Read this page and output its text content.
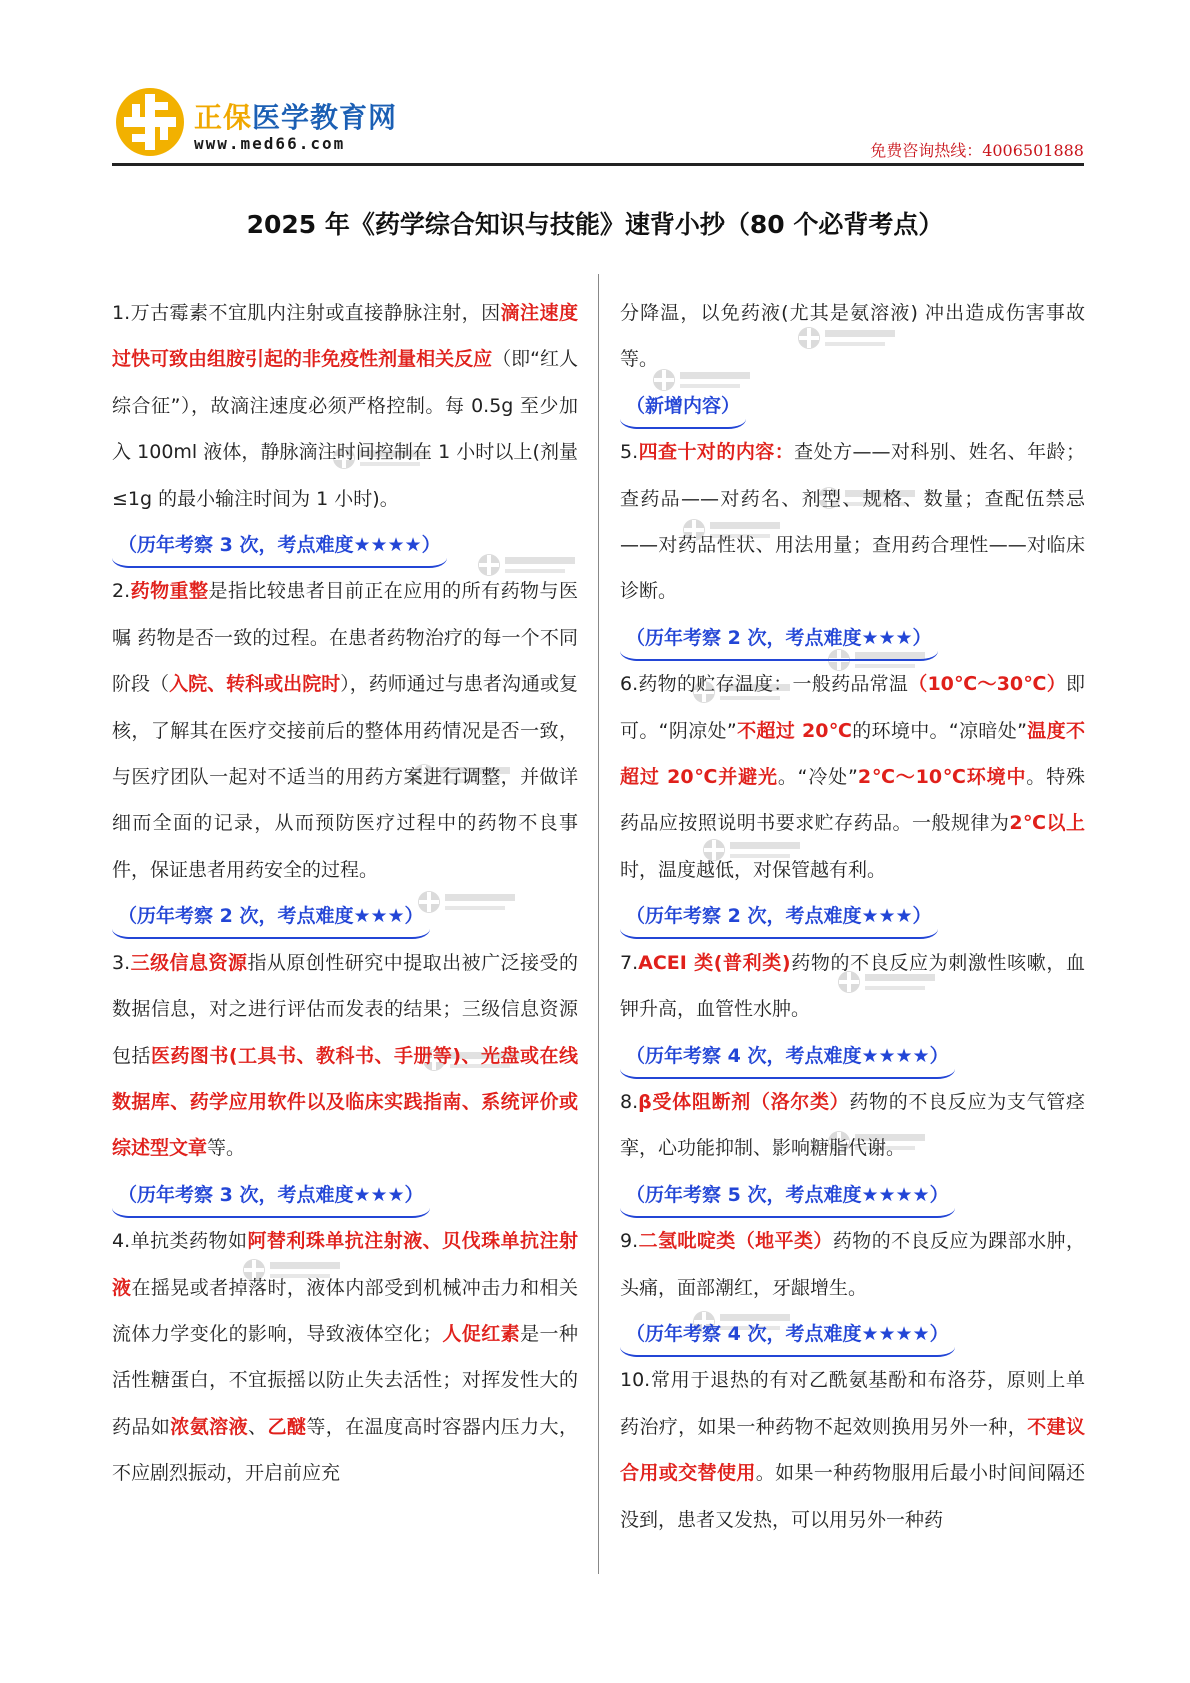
正保医学教育网
www.med66.com	免费咨询热线：4006501888
2025 年《药学综合知识与技能》速背小抄（80 个必背考点）

1.万古霉素不宜肌内注射或直接静脉注射，因滴注速度过快可致由组胺引起的非免疫性剂量相关反应（即“红人综合征”），故滴注速度必须严格控制。每 0.5g 至少加入 100ml 液体，静脉滴注时间控制在 1 小时以上(剂量≤1g 的最小输注时间为 1 小时)。

（历年考察 3 次，考点难度★★★★）

2.药物重整是指比较患者目前正在应用的所有药物与医嘱 药物是否一致的过程。在患者药物治疗的每一个不同阶段（入院、转科或出院时），药师通过与患者沟通或复核，了解其在医疗交接前后的整体用药情况是否一致，与医疗团队一起对不适当的用药方案进行调整，并做详细而全面的记录，从而预防医疗过程中的药物不良事件，保证患者用药安全的过程。

（历年考察 2 次，考点难度★★★）

3.三级信息资源指从原创性研究中提取出被广泛接受的数据信息，对之进行评估而发表的结果；三级信息资源包括医药图书(工具书、教科书、手册等)、光盘或在线数据库、药学应用软件以及临床实践指南、系统评价或综述型文章等。

（历年考察 3 次，考点难度★★★）

4.单抗类药物如阿替利珠单抗注射液、贝伐珠单抗注射液在摇晃或者掉落时，液体内部受到机械冲击力和相关流体力学变化的影响，导致液体空化；人促红素是一种活性糖蛋白，不宜振摇以防止失去活性；对挥发性大的药品如浓氨溶液、乙醚等，在温度高时容器内压力大，不应剧烈振动，开启前应充

分降温，以免药液(尤其是氨溶液) 冲出造成伤害事故等。

（新增内容）

5.四查十对的内容：查处方——对科别、姓名、年龄；查药品——对药名、剂型、规格、数量；查配伍禁忌——对药品性状、用法用量；查用药合理性——对临床诊断。

（历年考察 2 次，考点难度★★★）

6.药物的贮存温度：一般药品常温（10℃～30℃）即可。“阴凉处”不超过 20℃的环境中。“凉暗处”温度不超过 20℃并避光。“冷处”2℃～10℃环境中。特殊药品应按照说明书要求贮存药品。一般规律为2℃以上时，温度越低，对保管越有利。

（历年考察 2 次，考点难度★★★）

7.ACEI 类(普利类)药物的不良反应为刺激性咳嗽，血钾升高，血管性水肿。

（历年考察 4 次，考点难度★★★★）

8.β受体阻断剂（洛尔类）药物的不良反应为支气管痉挛，心功能抑制、影响糖脂代谢。

（历年考察 5 次，考点难度★★★★）

9.二氢吡啶类（地平类）药物的不良反应为踝部水肿，头痛，面部潮红，牙龈增生。

（历年考察 4 次，考点难度★★★★）

10.常用于退热的有对乙酰氨基酚和布洛芬，原则上单药治疗，如果一种药物不起效则换用另外一种，不建议合用或交替使用。如果一种药物服用后最小时间间隔还没到，患者又发热，可以用另外一种药
